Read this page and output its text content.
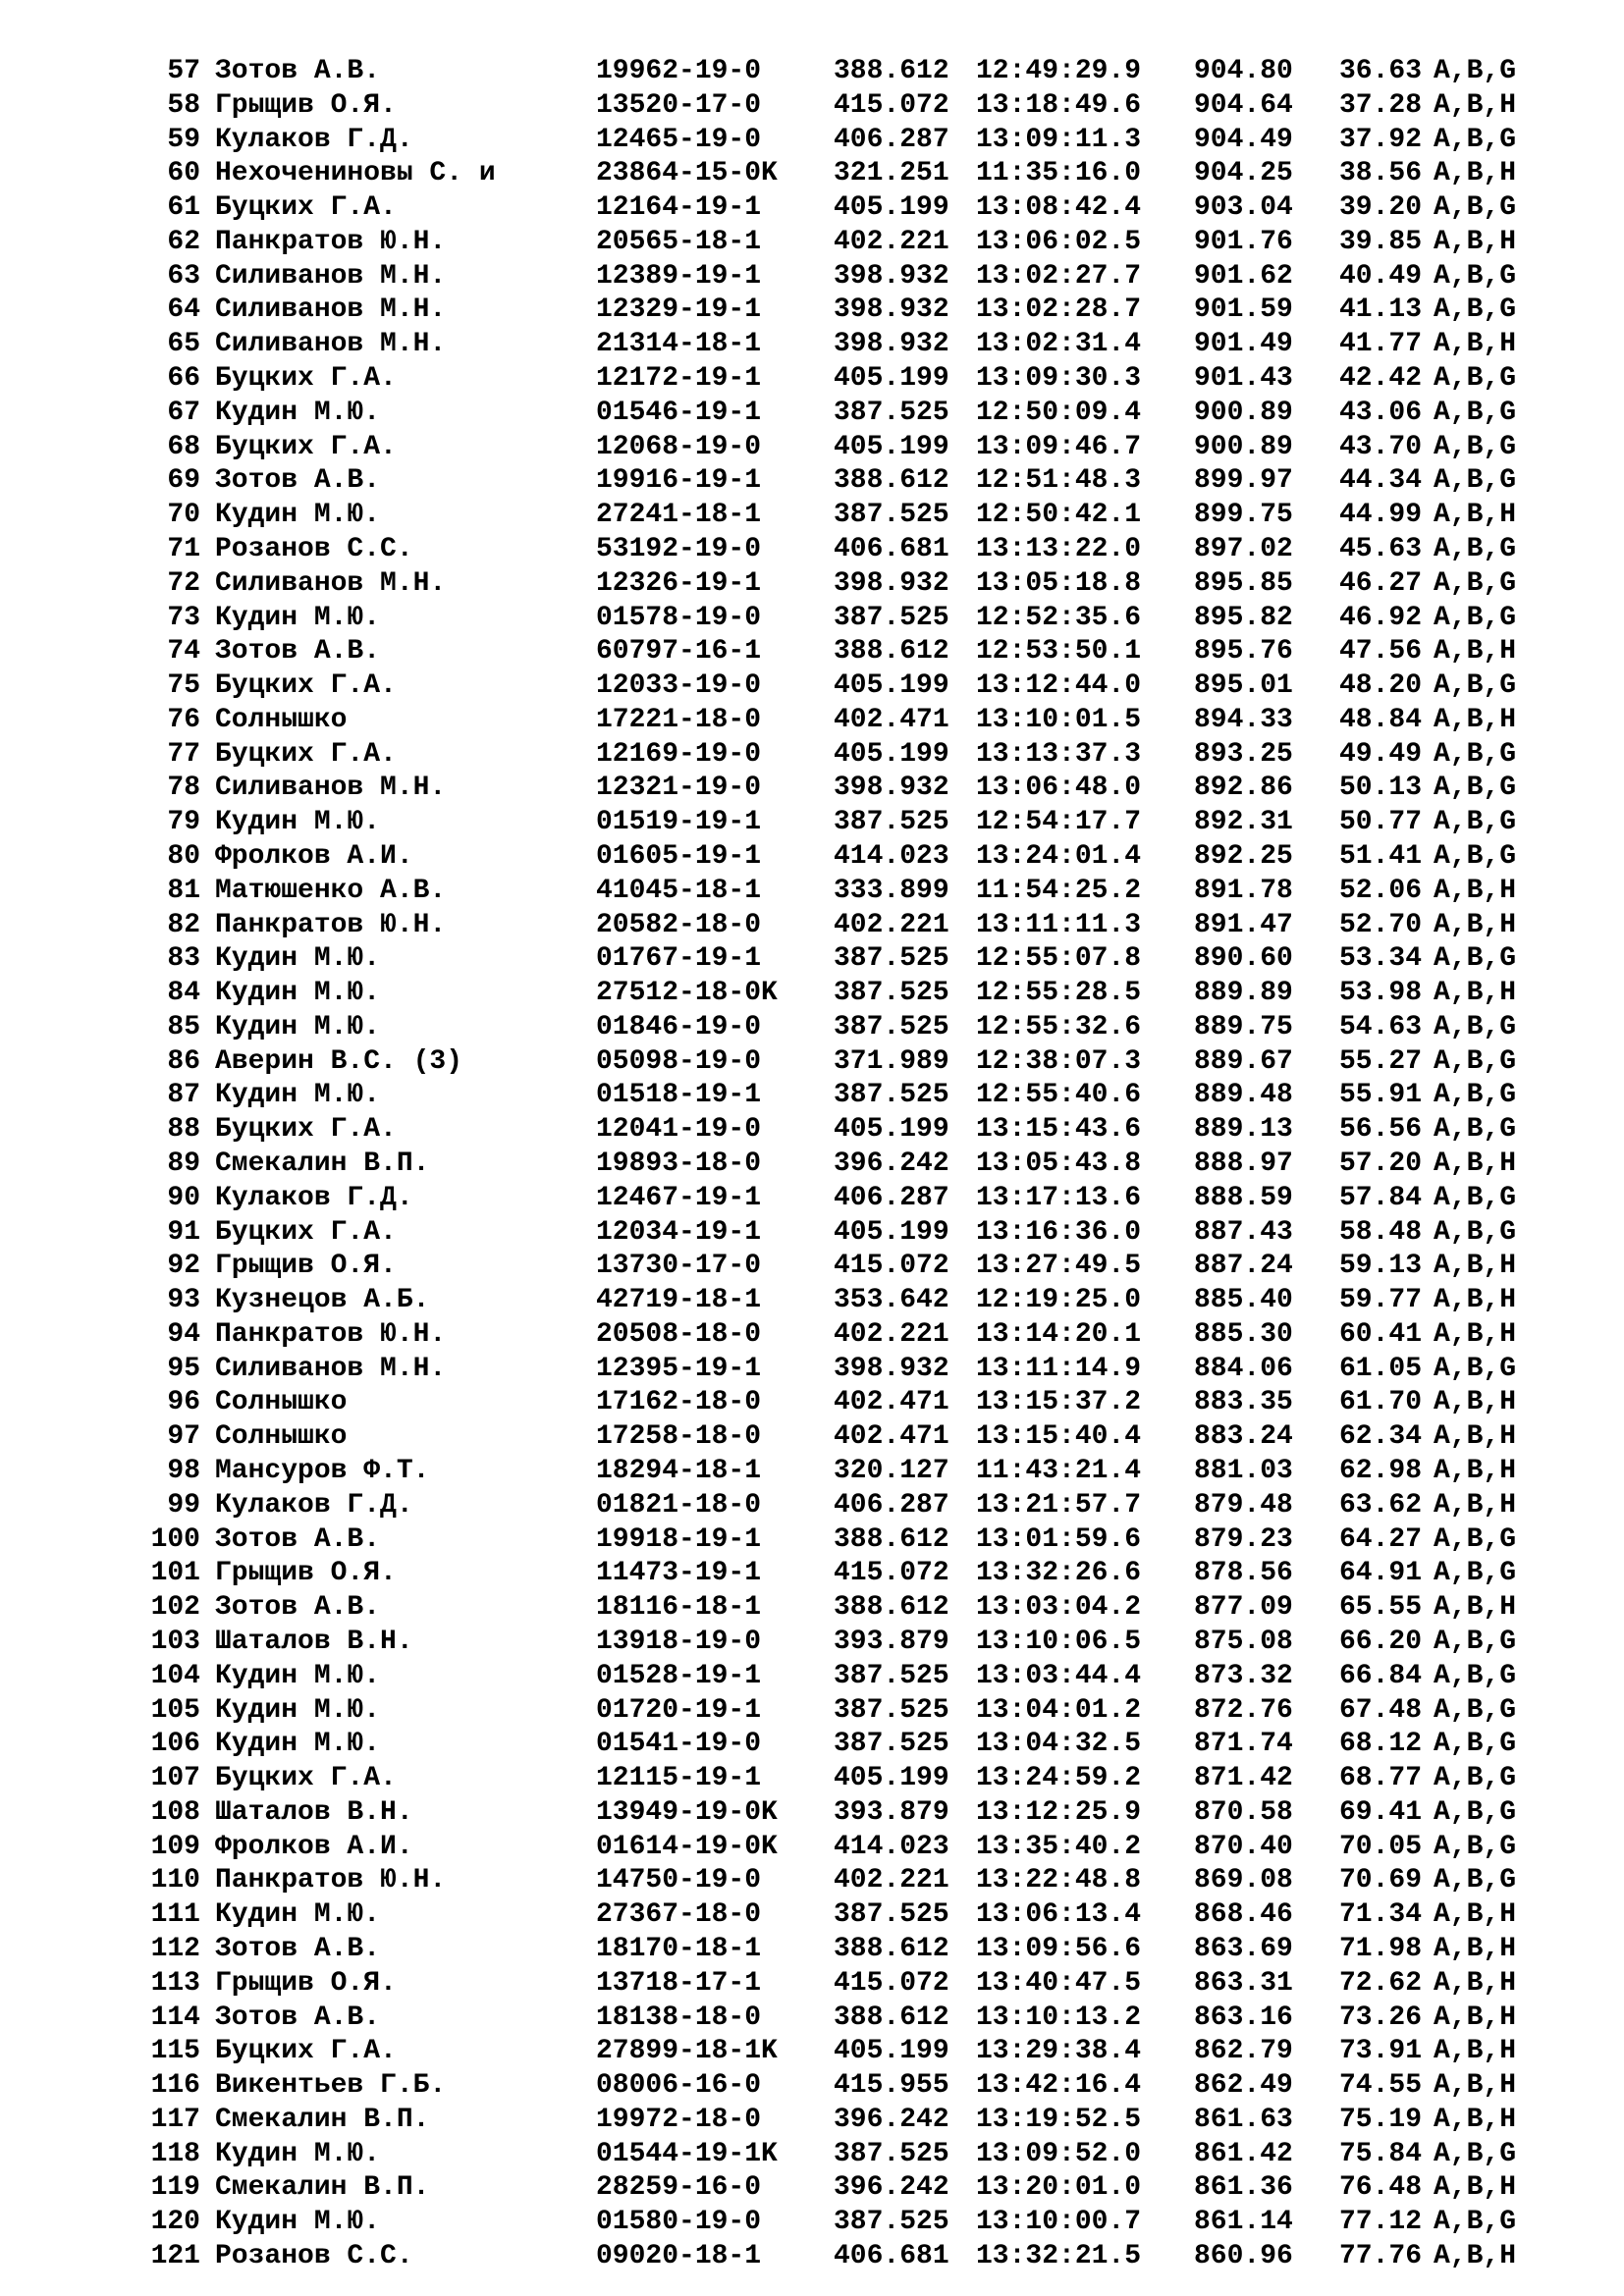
57 Зотов А.В.	19962-19-0	388.612 12:49:29.9 904.80 36.63 A,B,G
58 Грыщив О.Я.	13520-17-0	415.072 13:18:49.6 904.64 37.28 A,B,H
59 Кулаков Г.Д.	12465-19-0	406.287 13:09:11.3 904.49 37.92 A,B,G
60 Нехочениновы С. и	23864-15-0K 321.251 11:35:16.0 904.25 38.56 A,B,H
61 Буцких Г.А.	12164-19-1	405.199 13:08:42.4 903.04 39.20 A,B,G
62 Панкратов Ю.Н.	20565-18-1	402.221 13:06:02.5 901.76 39.85 A,B,H
63 Силиванов М.Н.	12389-19-1	398.932 13:02:27.7 901.62 40.49 A,B,G
64 Силиванов М.Н.	12329-19-1	398.932 13:02:28.7 901.59 41.13 A,B,G
65 Силиванов М.Н.	21314-18-1	398.932 13:02:31.4 901.49 41.77 A,B,H
66 Буцких Г.А.	12172-19-1	405.199 13:09:30.3 901.43 42.42 A,B,G
67 Кудин М.Ю.	01546-19-1	387.525 12:50:09.4 900.89 43.06 A,B,G
68 Буцких Г.А.	12068-19-0	405.199 13:09:46.7 900.89 43.70 A,B,G
69 Зотов А.В.	19916-19-1	388.612 12:51:48.3 899.97 44.34 A,B,G
70 Кудин М.Ю.	27241-18-1	387.525 12:50:42.1 899.75 44.99 A,B,H
71 Розанов С.С.	53192-19-0	406.681 13:13:22.0 897.02 45.63 A,B,G
72 Силиванов М.Н.	12326-19-1	398.932 13:05:18.8 895.85 46.27 A,B,G
73 Кудин М.Ю.	01578-19-0	387.525 12:52:35.6 895.82 46.92 A,B,G
74 Зотов А.В.	60797-16-1	388.612 12:53:50.1 895.76 47.56 A,B,H
75 Буцких Г.А.	12033-19-0	405.199 13:12:44.0 895.01 48.20 A,B,G
76 Солнышко	17221-18-0	402.471 13:10:01.5 894.33 48.84 A,B,H
77 Буцких Г.А.	12169-19-0	405.199 13:13:37.3 893.25 49.49 A,B,G
78 Силиванов М.Н.	12321-19-0	398.932 13:06:48.0 892.86 50.13 A,B,G
79 Кудин М.Ю.	01519-19-1	387.525 12:54:17.7 892.31 50.77 A,B,G
80 Фролков А.И.	01605-19-1	414.023 13:24:01.4 892.25 51.41 A,B,G
81 Матюшенко А.В.	41045-18-1	333.899 11:54:25.2 891.78 52.06 A,B,H
82 Панкратов Ю.Н.	20582-18-0	402.221 13:11:11.3 891.47 52.70 A,B,H
83 Кудин М.Ю.	01767-19-1	387.525 12:55:07.8 890.60 53.34 A,B,G
84 Кудин М.Ю.	27512-18-0K 387.525 12:55:28.5 889.89 53.98 A,B,H
85 Кудин М.Ю.	01846-19-0	387.525 12:55:32.6 889.75 54.63 A,B,G
86 Аверин В.С. (3)	05098-19-0	371.989 12:38:07.3 889.67 55.27 A,B,G
87 Кудин М.Ю.	01518-19-1	387.525 12:55:40.6 889.48 55.91 A,B,G
88 Буцких Г.А.	12041-19-0	405.199 13:15:43.6 889.13 56.56 A,B,G
89 Смекалин В.П.	19893-18-0	396.242 13:05:43.8 888.97 57.20 A,B,H
90 Кулаков Г.Д.	12467-19-1	406.287 13:17:13.6 888.59 57.84 A,B,G
91 Буцких Г.А.	12034-19-1	405.199 13:16:36.0 887.43 58.48 A,B,G
92 Грыщив О.Я.	13730-17-0	415.072 13:27:49.5 887.24 59.13 A,B,H
93 Кузнецов А.Б.	42719-18-1	353.642 12:19:25.0 885.40 59.77 A,B,H
94 Панкратов Ю.Н.	20508-18-0	402.221 13:14:20.1 885.30 60.41 A,B,H
95 Силиванов М.Н.	12395-19-1	398.932 13:11:14.9 884.06 61.05 A,B,G
96 Солнышко	17162-18-0	402.471 13:15:37.2 883.35 61.70 A,B,H
97 Солнышко	17258-18-0	402.471 13:15:40.4 883.24 62.34 A,B,H
98 Мансуров Ф.Т.	18294-18-1	320.127 11:43:21.4 881.03 62.98 A,B,H
99 Кулаков Г.Д.	01821-18-0	406.287 13:21:57.7 879.48 63.62 A,B,H
100 Зотов А.В.	19918-19-1	388.612 13:01:59.6 879.23 64.27 A,B,G
101 Грыщив О.Я.	11473-19-1	415.072 13:32:26.6 878.56 64.91 A,B,G
102 Зотов А.В.	18116-18-1	388.612 13:03:04.2 877.09 65.55 A,B,H
103 Шаталов В.Н.	13918-19-0	393.879 13:10:06.5 875.08 66.20 A,B,G
104 Кудин М.Ю.	01528-19-1	387.525 13:03:44.4 873.32 66.84 A,B,G
105 Кудин М.Ю.	01720-19-1	387.525 13:04:01.2 872.76 67.48 A,B,G
106 Кудин М.Ю.	01541-19-0	387.525 13:04:32.5 871.74 68.12 A,B,G
107 Буцких Г.А.	12115-19-1	405.199 13:24:59.2 871.42 68.77 A,B,G
108 Шаталов В.Н.	13949-19-0K 393.879 13:12:25.9 870.58 69.41 A,B,G
109 Фролков А.И.	01614-19-0K 414.023 13:35:40.2 870.40 70.05 A,B,G
110 Панкратов Ю.Н.	14750-19-0	402.221 13:22:48.8 869.08 70.69 A,B,G
111 Кудин М.Ю.	27367-18-0	387.525 13:06:13.4 868.46 71.34 A,B,H
112 Зотов А.В.	18170-18-1	388.612 13:09:56.6 863.69 71.98 A,B,H
113 Грыщив О.Я.	13718-17-1	415.072 13:40:47.5 863.31 72.62 A,B,H
114 Зотов А.В.	18138-18-0	388.612 13:10:13.2 863.16 73.26 A,B,H
115 Буцких Г.А.	27899-18-1K 405.199 13:29:38.4 862.79 73.91 A,B,H
116 Викентьев Г.Б.	08006-16-0	415.955 13:42:16.4 862.49 74.55 A,B,H
117 Смекалин В.П.	19972-18-0	396.242 13:19:52.5 861.63 75.19 A,B,H
118 Кудин М.Ю.	01544-19-1K 387.525 13:09:52.0 861.42 75.84 A,B,G
119 Смекалин В.П.	28259-16-0	396.242 13:20:01.0 861.36 76.48 A,B,H
120 Кудин М.Ю.	01580-19-0	387.525 13:10:00.7 861.14 77.12 A,B,G
121 Розанов С.С.	09020-18-1	406.681 13:32:21.5 860.96 77.76 A,B,H
